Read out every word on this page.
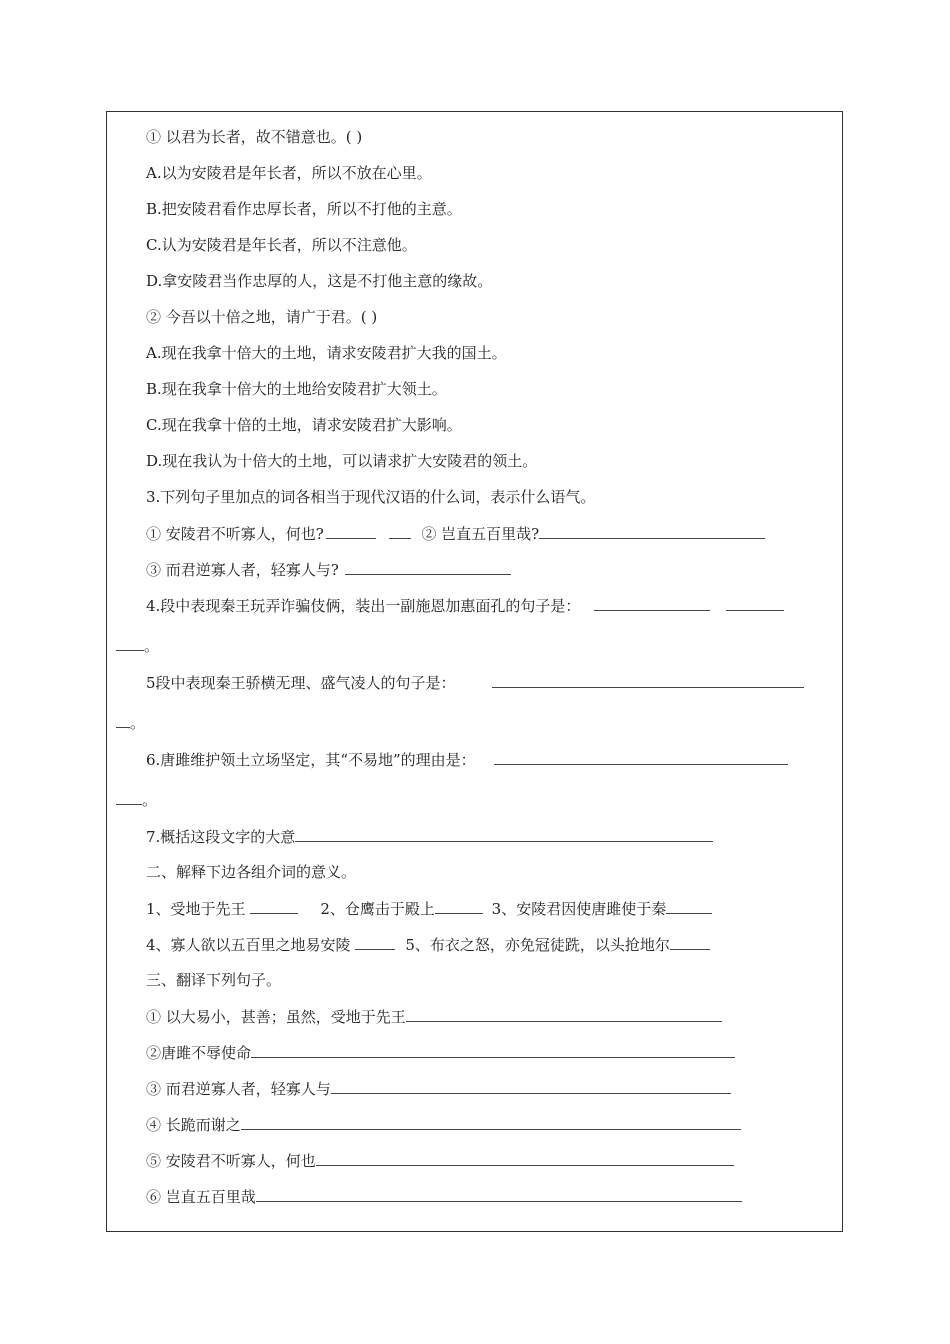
① 以君为长者，故不错意也。( )
A.以为安陵君是年长者，所以不放在心里。
B.把安陵君看作忠厚长者，所以不打他的主意。
C.认为安陵君是年长者，所以不注意他。
D.拿安陵君当作忠厚的人，这是不打他主意的缘故。
② 今吾以十倍之地，请广于君。( )
A.现在我拿十倍大的土地，请求安陵君扩大我的国土。
B.现在我拿十倍大的土地给安陵君扩大领土。
C.现在我拿十倍的土地，请求安陵君扩大影响。
D.现在我认为十倍大的土地，可以请求扩大安陵君的领土。
3.下列句子里加点的词各相当于现代汉语的什么词，表示什么语气。
① 安陵君不听寡人，何也?	② 岂直五百里哉?
③ 而君逆寡人者，轻寡人与?
4.段中表现秦王玩弄诈骗伎俩，装出一副施恩加惠面孔的句子是：
。
5段中表现秦王骄横无理、盛气凌人的句子是：
。
6.唐雎维护领土立场坚定，其“不易地”的理由是：
。
7.概括这段文字的大意
二、解释下边各组介词的意义。
1、受地于先王	2、仓鹰击于殿上	3、安陵君因使唐雎使于秦
4、寡人欲以五百里之地易安陵	5、布衣之怒，亦免冠徒跣，以头抢地尔
三、翻译下列句子。
① 以大易小，甚善；虽然，受地于先王
②唐雎不辱使命
③ 而君逆寡人者，轻寡人与
④ 长跪而谢之
⑤ 安陵君不听寡人，何也
⑥ 岂直五百里哉
